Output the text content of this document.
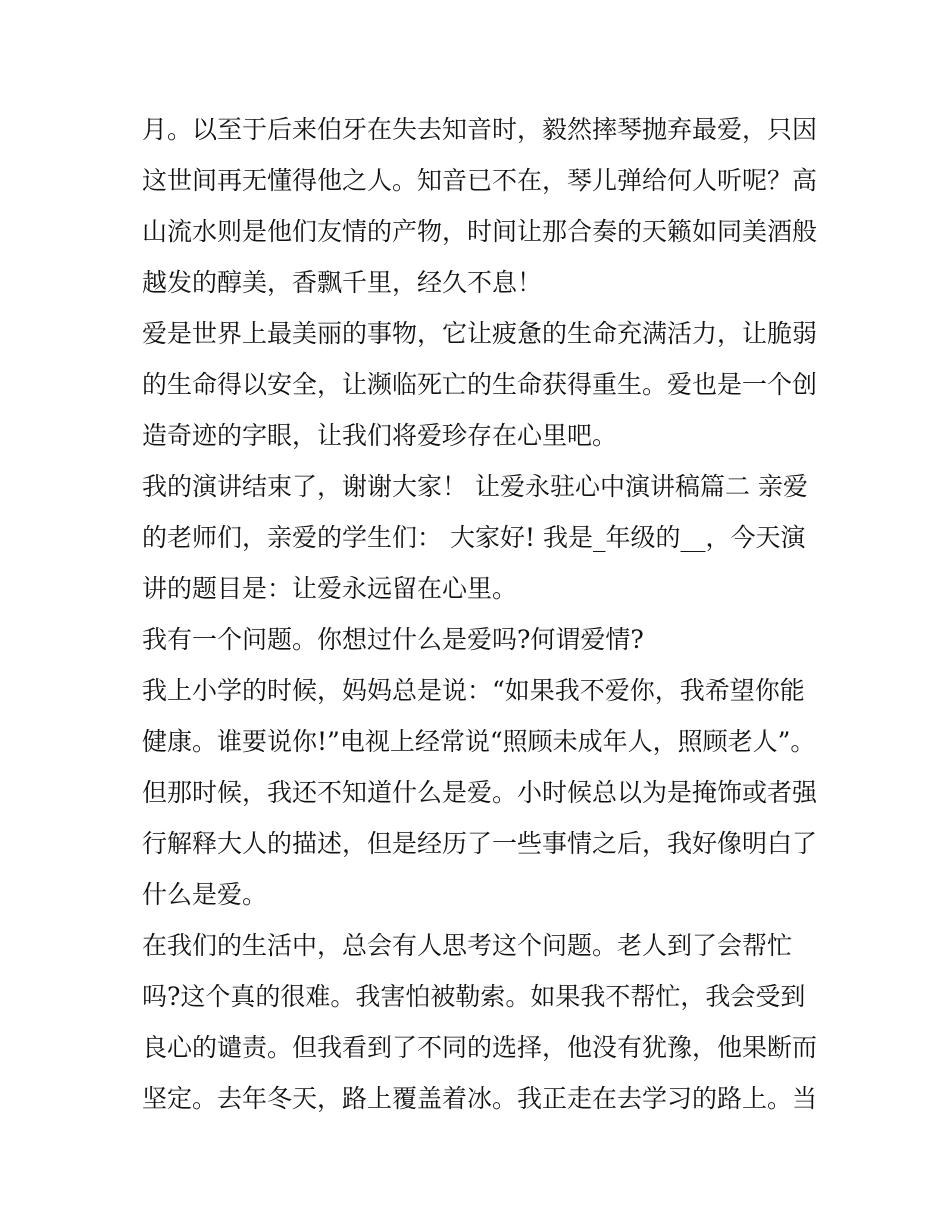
月。以至于后来伯牙在失去知音时，毅然摔琴抛弃最爱，只因
这世间再无懂得他之人。知音已不在，琴儿弹给何人听呢？高
山流水则是他们友情的产物，时间让那合奏的天籁如同美酒般
越发的醇美，香飘千里，经久不息！
爱是世界上最美丽的事物，它让疲惫的生命充满活力，让脆弱
的生命得以安全，让濒临死亡的生命获得重生。爱也是一个创
造奇迹的字眼，让我们将爱珍存在心里吧。
我的演讲结束了，谢谢大家！ 让爱永驻心中演讲稿篇二 亲爱
的老师们，亲爱的学生们： 大家好! 我是_年级的__，今天演
讲的题目是：让爱永远留在心里。
我有一个问题。你想过什么是爱吗?何谓爱情?
我上小学的时候，妈妈总是说：“如果我不爱你，我希望你能
健康。谁要说你!”电视上经常说“照顾未成年人，照顾老人”。
但那时候，我还不知道什么是爱。小时候总以为是掩饰或者强
行解释大人的描述，但是经历了一些事情之后，我好像明白了
什么是爱。
在我们的生活中，总会有人思考这个问题。老人到了会帮忙
吗?这个真的很难。我害怕被勒索。如果我不帮忙，我会受到
良心的谴责。但我看到了不同的选择，他没有犹豫，他果断而
坚定。去年冬天，路上覆盖着冰。我正走在去学习的路上。当
